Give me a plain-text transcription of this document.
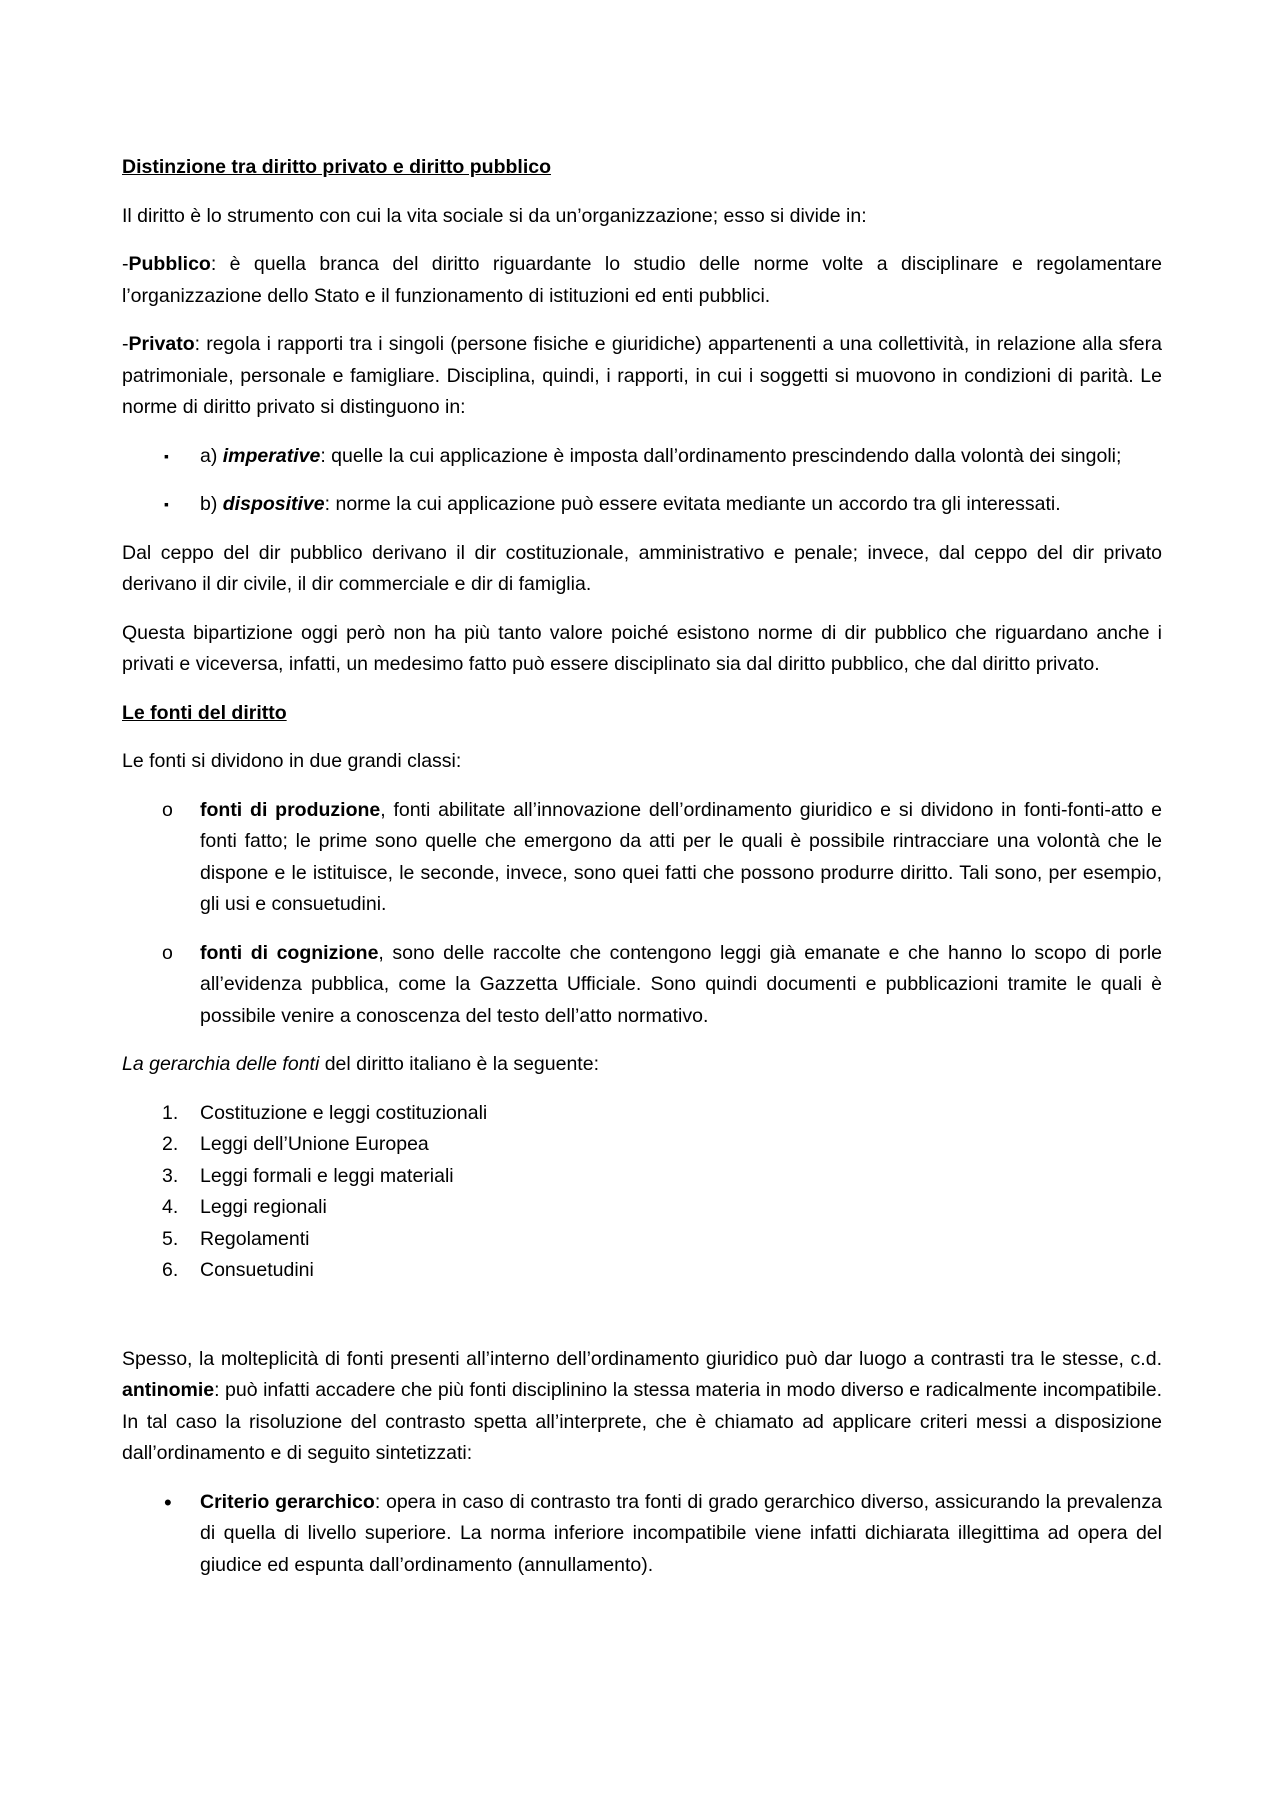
Distinzione tra diritto privato e diritto pubblico

Il diritto è lo strumento con cui la vita sociale si da un’organizzazione; esso si divide in:

-Pubblico: è quella branca del diritto riguardante lo studio delle norme volte a disciplinare e regolamentare l’organizzazione dello Stato e il funzionamento di istituzioni ed enti pubblici.

-Privato: regola i rapporti tra i singoli (persone fisiche e giuridiche) appartenenti a una collettività, in relazione alla sfera patrimoniale, personale e famigliare. Disciplina, quindi, i rapporti, in cui i soggetti si muovono in condizioni di parità. Le norme di diritto privato si distinguono in:

▪	a) imperative: quelle la cui applicazione è imposta dall’ordinamento prescindendo dalla volontà dei singoli;
▪	b) dispositive: norme la cui applicazione può essere evitata mediante un accordo tra gli interessati.

Dal ceppo del dir pubblico derivano il dir costituzionale, amministrativo e penale; invece, dal ceppo del dir privato derivano il dir civile, il dir commerciale e dir di famiglia.

Questa bipartizione oggi però non ha più tanto valore poiché esistono norme di dir pubblico che riguardano anche i privati e viceversa, infatti, un medesimo fatto può essere disciplinato sia dal diritto pubblico, che dal diritto privato.

Le fonti del diritto

Le fonti si dividono in due grandi classi:

o	fonti di produzione, fonti abilitate all’innovazione dell’ordinamento giuridico e si dividono in fonti-fonti-atto e fonti fatto; le prime sono quelle che emergono da atti per le quali è possibile rintracciare una volontà che le dispone e le istituisce, le seconde, invece, sono quei fatti che possono produrre diritto. Tali sono, per esempio, gli usi e consuetudini.
o	fonti di cognizione, sono delle raccolte che contengono leggi già emanate e che hanno lo scopo di porle all’evidenza pubblica, come la Gazzetta Ufficiale. Sono quindi documenti e pubblicazioni tramite le quali è possibile venire a conoscenza del testo dell’atto normativo.

La gerarchia delle fonti del diritto italiano è la seguente:

1. Costituzione e leggi costituzionali
2. Leggi dell’Unione Europea
3. Leggi formali e leggi materiali
4. Leggi regionali
5. Regolamenti
6. Consuetudini

Spesso, la molteplicità di fonti presenti all’interno dell’ordinamento giuridico può dar luogo a contrasti tra le stesse, c.d. antinomie: può infatti accadere che più fonti disciplinino la stessa materia in modo diverso e radicalmente incompatibile. In tal caso la risoluzione del contrasto spetta all’interprete, che è chiamato ad applicare criteri messi a disposizione dall’ordinamento e di seguito sintetizzati:

•	Criterio gerarchico: opera in caso di contrasto tra fonti di grado gerarchico diverso, assicurando la prevalenza di quella di livello superiore. La norma inferiore incompatibile viene infatti dichiarata illegittima ad opera del giudice ed espunta dall’ordinamento (annullamento).
